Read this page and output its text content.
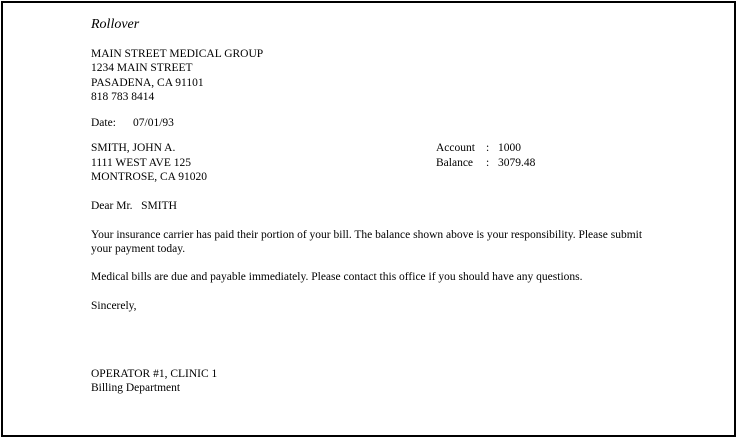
Rollover
MAIN STREET MEDICAL GROUP
1234 MAIN STREET
PASADENA, CA 91101
818 783 8414
Date: 07/01/93
SMITH, JOHN A.
1111 WEST AVE 125
MONTROSE, CA 91020
Account : 1000
Balance : 3079.48
Dear Mr.   SMITH
Your insurance carrier has paid their portion of your bill. The balance shown above is your responsibility. Please submit your payment today.
Medical bills are due and payable immediately. Please contact this office if you should have any questions.
Sincerely,
OPERATOR #1, CLINIC 1
Billing Department
